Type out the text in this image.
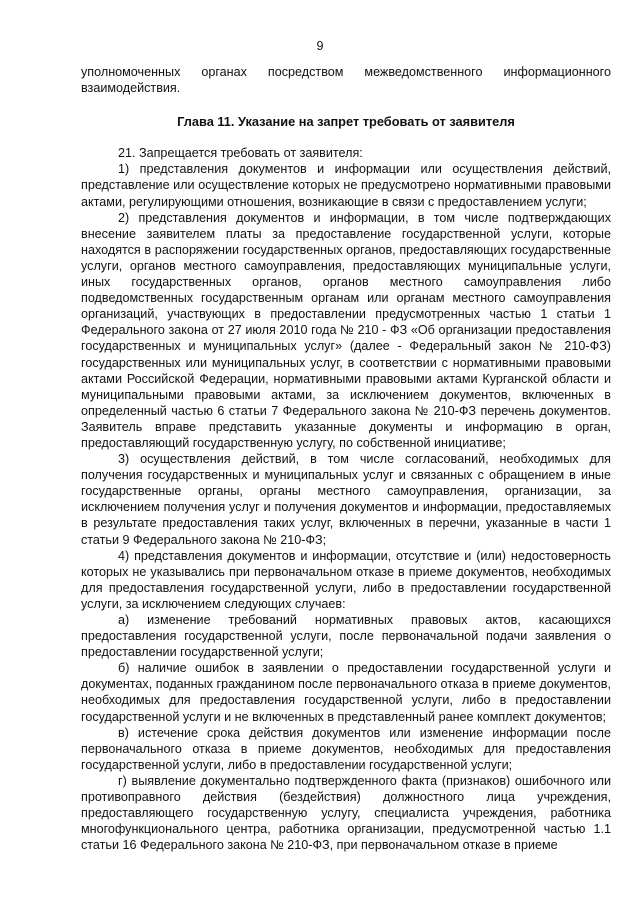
9

уполномоченных органах посредством межведомственного информационного взаимодействия.

Глава 11. Указание на запрет требовать от заявителя

21. Запрещается требовать от заявителя:

1) представления документов и информации или осуществления действий, представление или осуществление которых не предусмотрено нормативными правовыми актами, регулирующими отношения, возникающие в связи с предоставлением услуги;

2) представления документов и информации, в том числе подтверждающих внесение заявителем платы за предоставление государственной услуги, которые находятся в распоряжении государственных органов, предоставляющих государственные услуги, органов местного самоуправления, предоставляющих муниципальные услуги, иных государственных органов, органов местного самоуправления либо подведомственных государственным органам или органам местного самоуправления организаций, участвующих в предоставлении предусмотренных частью 1 статьи 1 Федерального закона от 27 июля 2010 года № 210 - ФЗ «Об организации предоставления государственных и муниципальных услуг» (далее - Федеральный закон № 210-ФЗ) государственных или муниципальных услуг, в соответствии с нормативными правовыми актами Российской Федерации, нормативными правовыми актами Курганской области и муниципальными правовыми актами, за исключением документов, включенных в определенный частью 6 статьи 7 Федерального закона № 210-ФЗ перечень документов. Заявитель вправе представить указанные документы и информацию в орган, предоставляющий государственную услугу, по собственной инициативе;

3) осуществления действий, в том числе согласований, необходимых для получения государственных и муниципальных услуг и связанных с обращением в иные государственные органы, органы местного самоуправления, организации, за исключением получения услуг и получения документов и информации, предоставляемых в результате предоставления таких услуг, включенных в перечни, указанные в части 1 статьи 9 Федерального закона № 210-ФЗ;

4) представления документов и информации, отсутствие и (или) недостоверность которых не указывались при первоначальном отказе в приеме документов, необходимых для предоставления государственной услуги, либо в предоставлении государственной услуги, за исключением следующих случаев:

а) изменение требований нормативных правовых актов, касающихся предоставления государственной услуги, после первоначальной подачи заявления о предоставлении государственной услуги;

б) наличие ошибок в заявлении о предоставлении государственной услуги и документах, поданных гражданином после первоначального отказа в приеме документов, необходимых для предоставления государственной услуги, либо в предоставлении государственной услуги и не включенных в представленный ранее комплект документов;

в) истечение срока действия документов или изменение информации после первоначального отказа в приеме документов, необходимых для предоставления государственной услуги, либо в предоставлении государственной услуги;

г) выявление документально подтвержденного факта (признаков) ошибочного или противоправного действия (бездействия) должностного лица учреждения, предоставляющего государственную услугу, специалиста учреждения, работника многофункционального центра, работника организации, предусмотренной частью 1.1 статьи 16 Федерального закона № 210-ФЗ, при первоначальном отказе в приеме
